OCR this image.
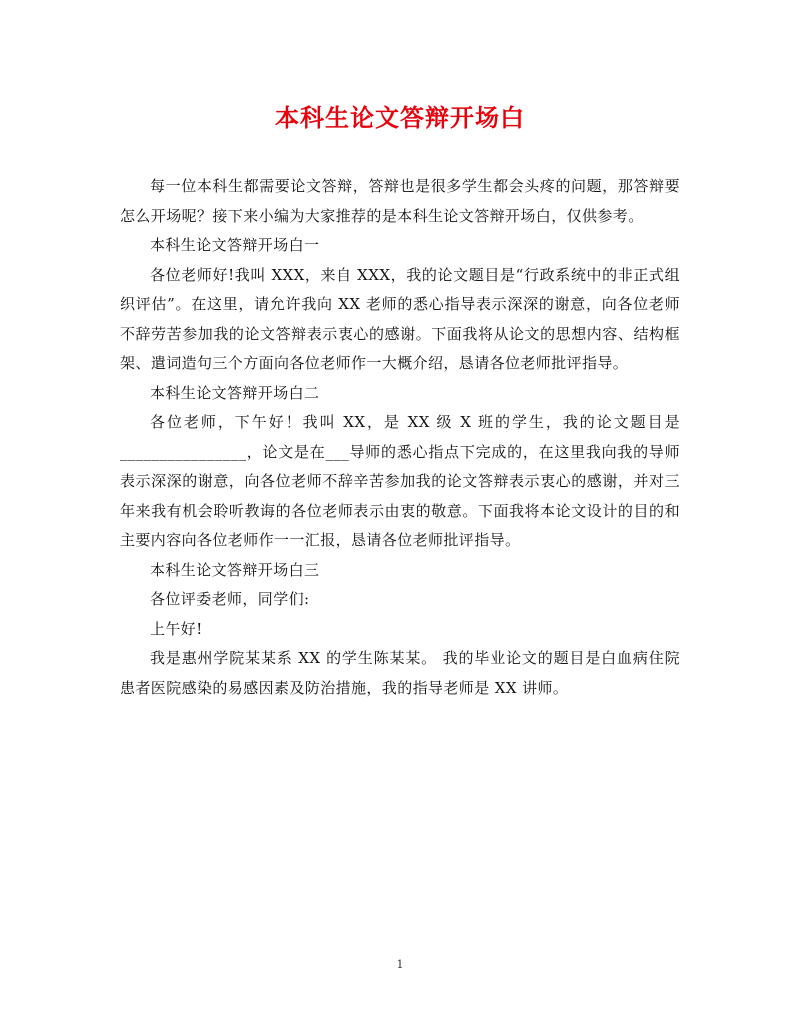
本科生论文答辩开场白

每一位本科生都需要论文答辩，答辩也是很多学生都会头疼的问题，那答辩要怎么开场呢？接下来小编为大家推荐的是本科生论文答辩开场白，仅供参考。

本科生论文答辩开场白一

各位老师好!我叫 XXX，来自 XXX，我的论文题目是“行政系统中的非正式组织评估”。在这里，请允许我向 XX 老师的悉心指导表示深深的谢意，向各位老师不辞劳苦参加我的论文答辩表示衷心的感谢。下面我将从论文的思想内容、结构框架、遣词造句三个方面向各位老师作一大概介绍，恳请各位老师批评指导。

本科生论文答辩开场白二

各位老师，下午好！我叫 XX，是 XX 级 X 班的学生，我的论文题目是________________，论文是在___导师的悉心指点下完成的，在这里我向我的导师表示深深的谢意，向各位老师不辞辛苦参加我的论文答辩表示衷心的感谢，并对三年来我有机会聆听教诲的各位老师表示由衷的敬意。下面我将本论文设计的目的和主要内容向各位老师作一一汇报，恳请各位老师批评指导。

本科生论文答辩开场白三

各位评委老师，同学们:

上午好!

我是惠州学院某某系 XX 的学生陈某某。 我的毕业论文的题目是白血病住院患者医院感染的易感因素及防治措施，我的指导老师是 XX 讲师。

1
